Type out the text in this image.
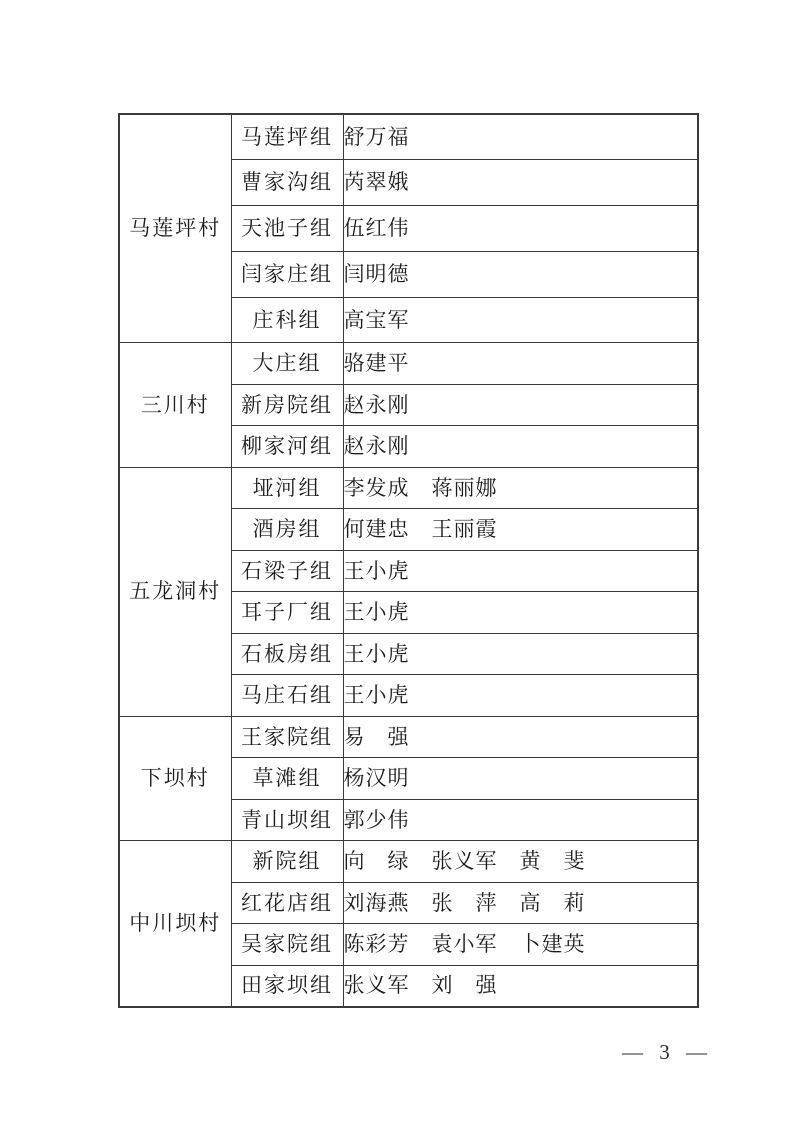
马莲坪村	马莲坪组	舒万福
	曹家沟组	芮翠娥
	天池子组	伍红伟
	闫家庄组	闫明德
	庄科组	高宝军
三川村	大庄组	骆建平
	新房院组	赵永刚
	柳家河组	赵永刚
五龙洞村	垭河组	李发成　蒋丽娜
	酒房组	何建忠　王丽霞
	石梁子组	王小虎
	耳子厂组	王小虎
	石板房组	王小虎
	马庄石组	王小虎
下坝村	王家院组	易　强
	草滩组	杨汉明
	青山坝组	郭少伟
中川坝村	新院组	向　绿　张义军　黄　斐
	红花店组	刘海燕　张　萍　高　莉
	吴家院组	陈彩芳　袁小军　卜建英
	田家坝组	张义军　刘　强
— 3 —
